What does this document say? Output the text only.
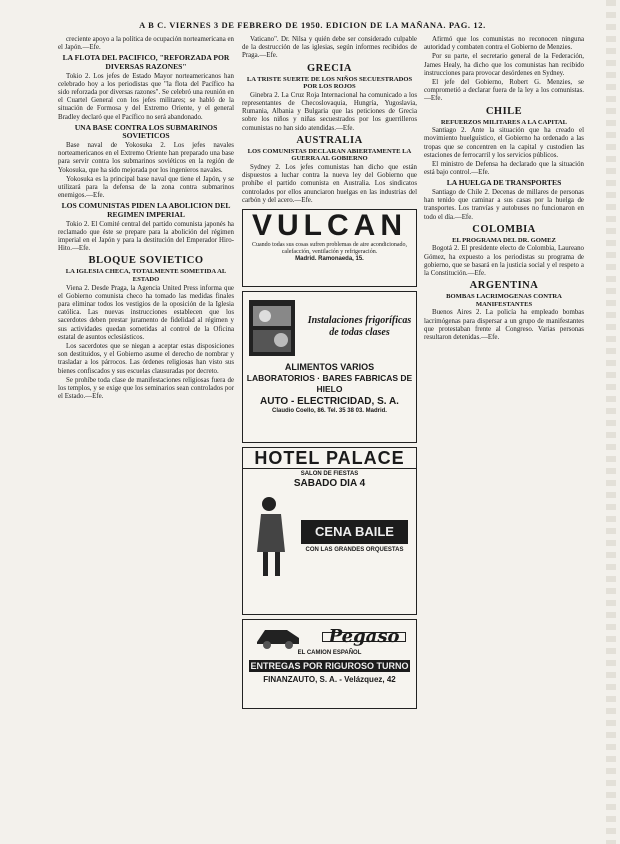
A B C. VIERNES 3 DE FEBRERO DE 1950. EDICION DE LA MAÑANA. PAG. 12.

creciente apoyo a la política de ocupación norteamericana en el Japón.—Efe.

LA FLOTA DEL PACIFICO, "REFORZADA POR DIVERSAS RAZONES"

Tokio 2. Los jefes de Estado Mayor norteamericanos han celebrado hoy a los periodistas que "la flota del Pacífico ha sido reforzada por diversas razones". Se celebró una reunión en el Cuartel General con los jefes militares; se habló de la situación de Formosa y del Extremo Oriente, y el general Bradley declaró que el Pacífico no será abandonado.

UNA BASE CONTRA LOS SUBMARINOS SOVIETICOS

Base naval de Yokosuka 2. Los jefes navales norteamericanos en el Extremo Oriente han preparado una base para servir contra los submarinos soviéticos en la región de Yokosuka, que ha sido mejorada por los ingenieros navales.

Yokosuka es la principal base naval que tiene el Japón, y se utilizará para la defensa de la zona contra submarinos enemigos.—Efe.

LOS COMUNISTAS PIDEN LA ABOLICION DEL REGIMEN IMPERIAL

Tokio 2. El Comité central del partido comunista japonés ha reclamado que éste se prepare para la abolición del régimen imperial en el Japón y para la destitución del Emperador Hiro-Hito.—Efe.

BLOQUE SOVIETICO
LA IGLESIA CHECA, TOTALMENTE SOMETIDA AL ESTADO

Viena 2. Desde Praga, la Agencia United Press informa que el Gobierno comunista checo ha tomado las medidas finales para eliminar todos los vestigios de la oposición de la Iglesia católica. Las nuevas instrucciones establecen que los sacerdotes deben prestar juramento de fidelidad al régimen y sus actividades quedan sometidas al control de la Oficina estatal de asuntos eclesiásticos.

Los sacerdotes que se niegan a aceptar estas disposiciones son destituidos, y el Gobierno asume el derecho de nombrar y trasladar a los párrocos. Las órdenes religiosas han visto sus bienes confiscados y sus escuelas clausuradas por decreto.

Se prohíbe toda clase de manifestaciones religiosas fuera de los templos, y se exige que los seminarios sean controlados por el Estado.—Efe.

Vaticano". Dr. Nilsa y quién debe ser considerado culpable de la destrucción de las iglesias, según informes recibidos de Praga.—Efe.

GRECIA
LA TRISTE SUERTE DE LOS NIÑOS SECUESTRADOS POR LOS ROJOS

Ginebra 2. La Cruz Roja Internacional ha comunicado a los representantes de Checoslovaquia, Hungría, Yugoslavia, Rumania, Albania y Bulgaria que las peticiones de Grecia sobre los niños y niñas secuestrados por los guerrilleros comunistas no han sido atendidas.—Efe.

AUSTRALIA
LOS COMUNISTAS DECLARAN ABIERTAMENTE LA GUERRA AL GOBIERNO

Sydney 2. Los jefes comunistas han dicho que están dispuestos a luchar contra la nueva ley del Gobierno que prohíbe el partido comunista en Australia. Los sindicatos controlados por ellos anunciaron huelgas en las industrias del carbón y del acero.—Efe.

VULCAN
Cuando todas sus cosas sufren problemas de aire acondicionado, calefacción, ventilación y refrigeración.
Madrid. Ramonaeda, 15.
Instalaciones frigoríficas de todas clases
ALIMENTOS VARIOS
LABORATORIOS · BARES FABRICAS DE HIELO
AUTO - ELECTRICIDAD, S. A.
Claudio Coello, 86. Tel. 35 38 03. Madrid.
HOTEL PALACE
SALON DE FIESTAS
SABADO DIA 4
CENA BAILE
CON LAS GRANDES ORQUESTAS
Pegaso
EL CAMION ESPAÑOL
ENTREGAS POR RIGUROSO TURNO
FINANZAUTO, S. A. - Velázquez, 42

Afirmó que los comunistas no reconocen ninguna autoridad y combaten contra el Gobierno de Menzies.

Por su parte, el secretario general de la Federación, James Healy, ha dicho que los comunistas han recibido instrucciones para provocar desórdenes en Sydney.

El jefe del Gobierno, Robert G. Menzies, se comprometió a declarar fuera de la ley a los comunistas.—Efe.

CHILE
REFUERZOS MILITARES A LA CAPITAL

Santiago 2. Ante la situación que ha creado el movimiento huelguístico, el Gobierno ha ordenado a las tropas que se concentren en la capital y custodien las estaciones de ferrocarril y los servicios públicos.

El ministro de Defensa ha declarado que la situación está bajo control.—Efe.

LA HUELGA DE TRANSPORTES

Santiago de Chile 2. Decenas de millares de personas han tenido que caminar a sus casas por la huelga de transportes. Los tranvías y autobuses no funcionaron en todo el día.—Efe.

COLOMBIA
EL PROGRAMA DEL DR. GOMEZ

Bogotá 2. El presidente electo de Colombia, Laureano Gómez, ha expuesto a los periodistas su programa de gobierno, que se basará en la justicia social y el respeto a la Constitución.—Efe.

ARGENTINA
BOMBAS LACRIMOGENAS CONTRA MANIFESTANTES

Buenos Aires 2. La policía ha empleado bombas lacrimógenas para dispersar a un grupo de manifestantes que protestaban frente al Congreso. Varias personas resultaron detenidas.—Efe.
